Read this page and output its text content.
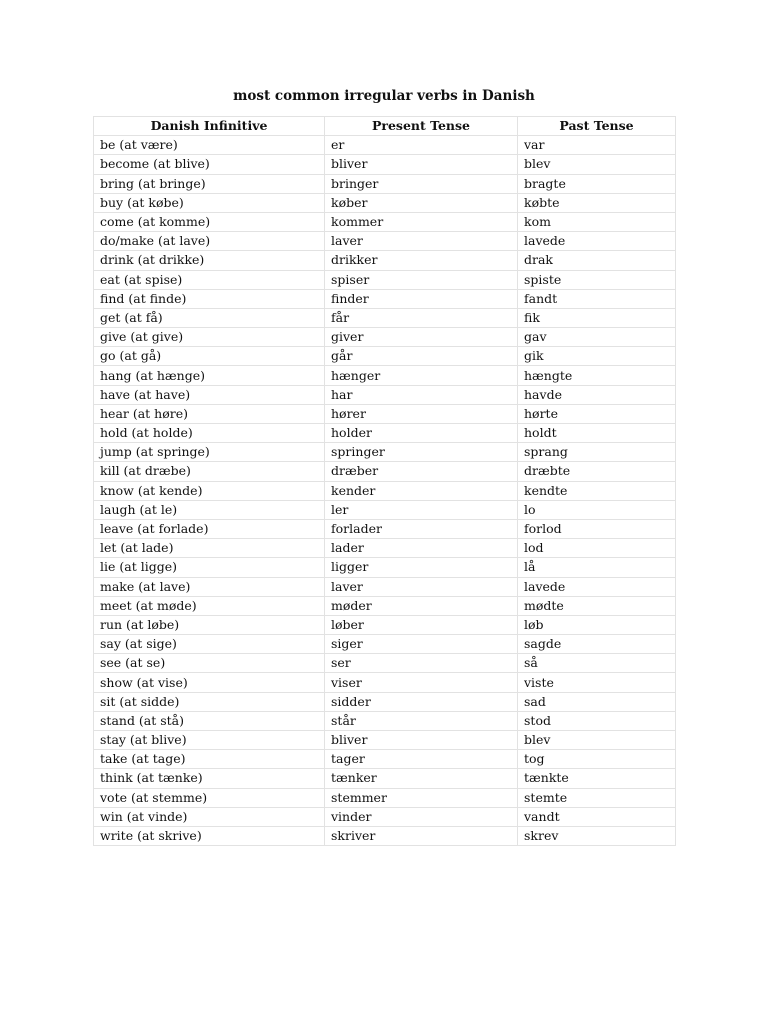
most common irregular verbs in Danish
Danish Infinitive	Present Tense	Past Tense
be (at være)	er	var
become (at blive)	bliver	blev
bring (at bringe)	bringer	bragte
buy (at købe)	køber	købte
come (at komme)	kommer	kom
do/make (at lave)	laver	lavede
drink (at drikke)	drikker	drak
eat (at spise)	spiser	spiste
find (at finde)	finder	fandt
get (at få)	får	fik
give (at give)	giver	gav
go (at gå)	går	gik
hang (at hænge)	hænger	hængte
have (at have)	har	havde
hear (at høre)	hører	hørte
hold (at holde)	holder	holdt
jump (at springe)	springer	sprang
kill (at dræbe)	dræber	dræbte
know (at kende)	kender	kendte
laugh (at le)	ler	lo
leave (at forlade)	forlader	forlod
let (at lade)	lader	lod
lie (at ligge)	ligger	lå
make (at lave)	laver	lavede
meet (at møde)	møder	mødte
run (at løbe)	løber	løb
say (at sige)	siger	sagde
see (at se)	ser	så
show (at vise)	viser	viste
sit (at sidde)	sidder	sad
stand (at stå)	står	stod
stay (at blive)	bliver	blev
take (at tage)	tager	tog
think (at tænke)	tænker	tænkte
vote (at stemme)	stemmer	stemte
win (at vinde)	vinder	vandt
write (at skrive)	skriver	skrev
